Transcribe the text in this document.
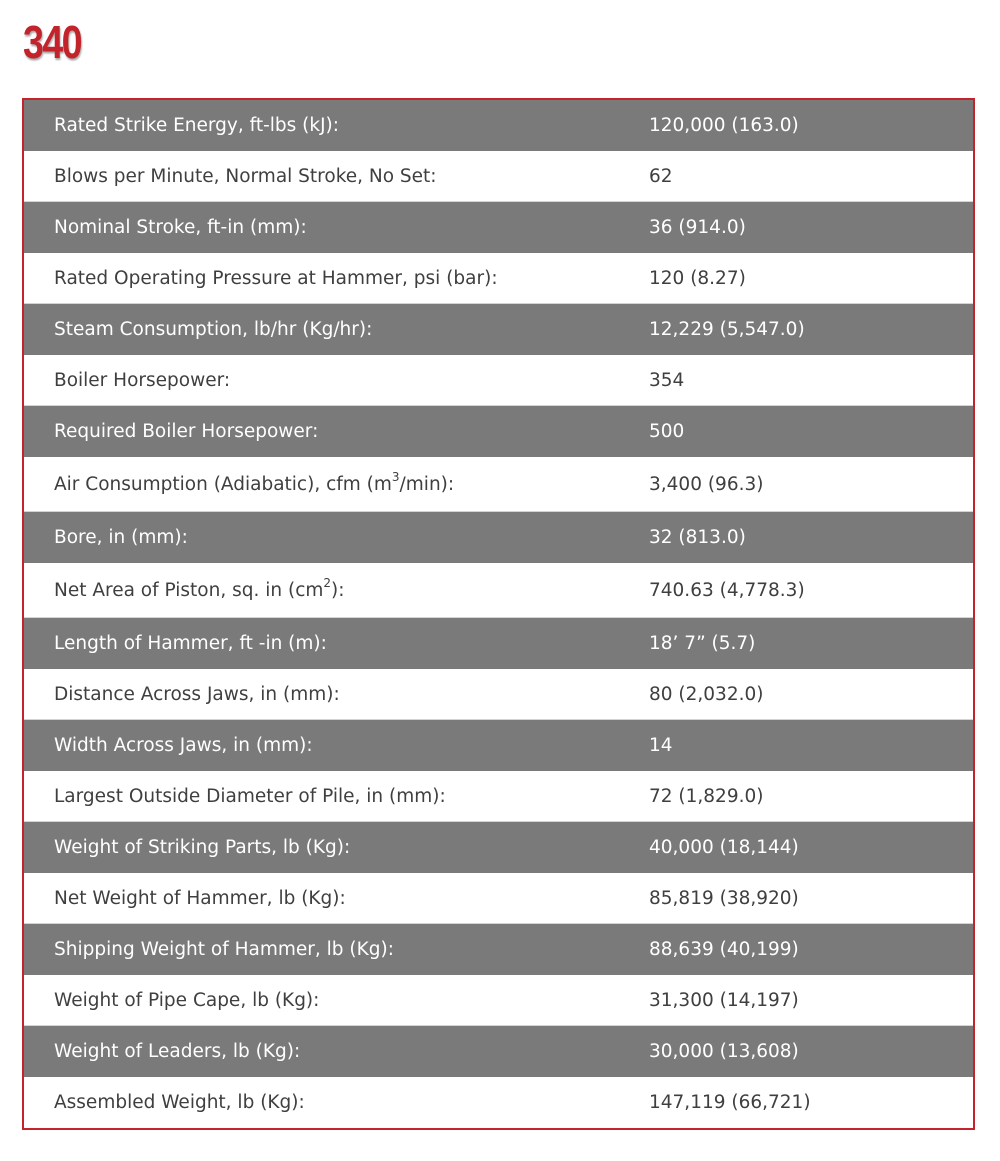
340
Rated Strike Energy, ft-lbs (kJ):	120,000 (163.0)
Blows per Minute, Normal Stroke, No Set:	62
Nominal Stroke, ft-in (mm):	36 (914.0)
Rated Operating Pressure at Hammer, psi (bar):	120 (8.27)
Steam Consumption, lb/hr (Kg/hr):	12,229 (5,547.0)
Boiler Horsepower:	354
Required Boiler Horsepower:	500
Air Consumption (Adiabatic), cfm $(m^3/\min)$:	3,400 (96.3)
Bore, in (mm):	32 (813.0)
Net Area of Piston, sq. in $(cm^2)$:	740.63 (4,778.3)
Length of Hammer, ft -in (m):	18’ 7” (5.7)
Distance Across Jaws, in (mm):	80 (2,032.0)
Width Across Jaws, in (mm):	14
Largest Outside Diameter of Pile, in (mm):	72 (1,829.0)
Weight of Striking Parts, lb (Kg):	40,000 (18,144)
Net Weight of Hammer, lb (Kg):	85,819 (38,920)
Shipping Weight of Hammer, lb (Kg):	88,639 (40,199)
Weight of Pipe Cape, lb (Kg):	31,300 (14,197)
Weight of Leaders, lb (Kg):	30,000 (13,608)
Assembled Weight, lb (Kg):	147,119 (66,721)
